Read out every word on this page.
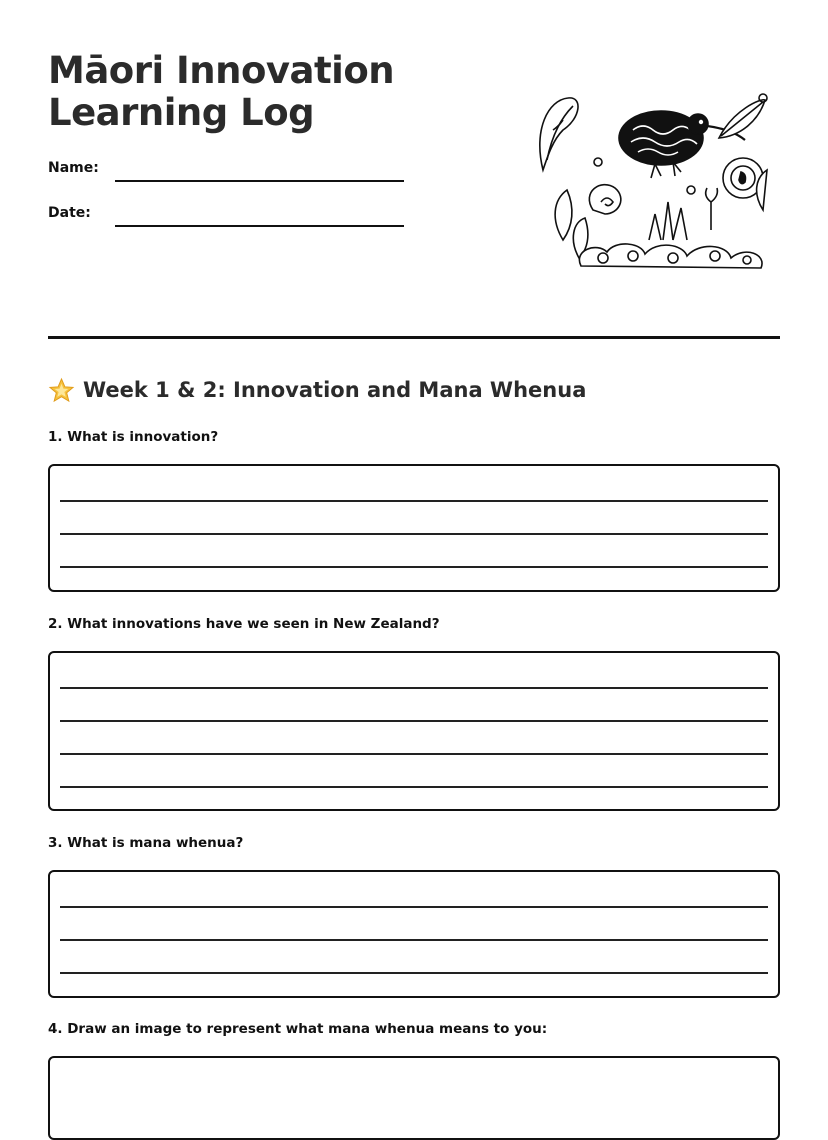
Māori Innovation
Learning Log
Name:
Date:
Week 1 & 2: Innovation and Mana Whenua
1. What is innovation?
2. What innovations have we seen in New Zealand?
3. What is mana whenua?
4. Draw an image to represent what mana whenua means to you:
